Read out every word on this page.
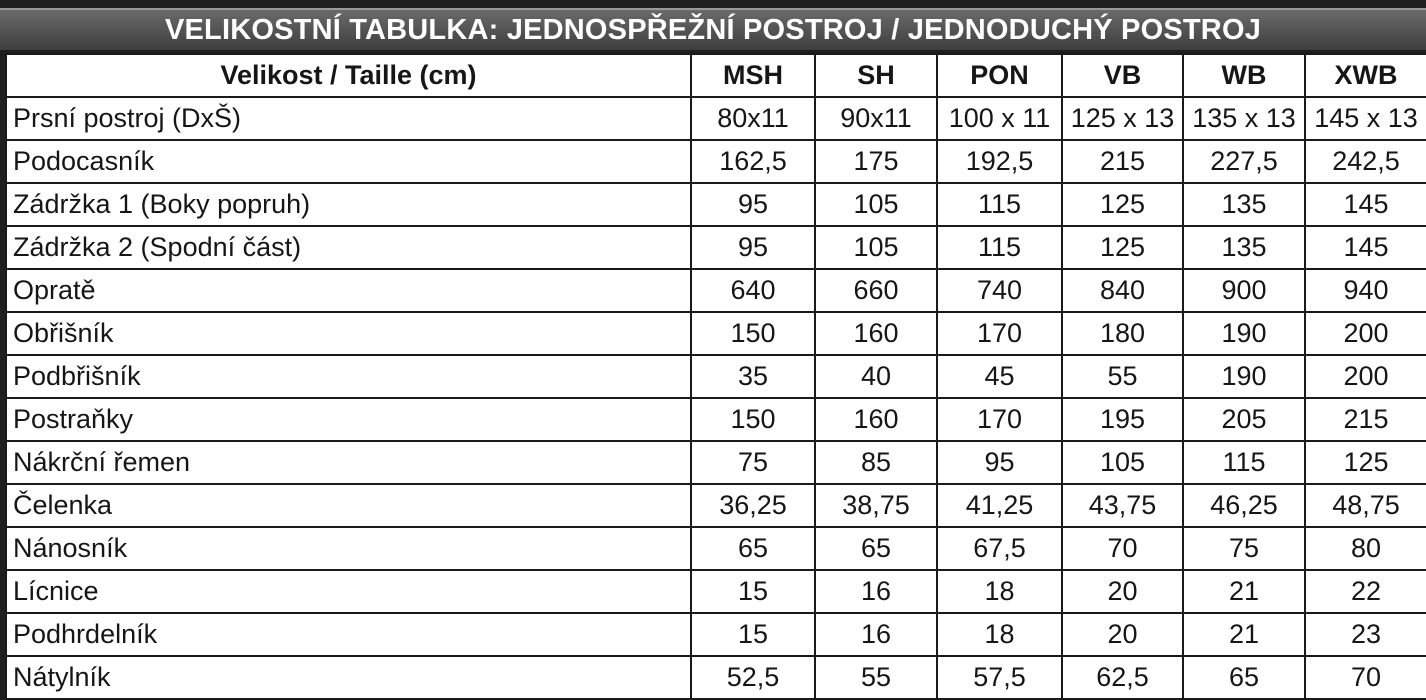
VELIKOSTNÍ TABULKA: JEDNOSPŘEŽNÍ POSTROJ / JEDNODUCHÝ POSTROJ
Velikost / Taille (cm)	MSH	SH	PON	VB	WB	XWB
Prsní postroj (DxŠ)	80x11	90x11	100 x 11	125 x 13	135 x 13	145 x 13
Podocasník	162,5	175	192,5	215	227,5	242,5
Zádržka 1 (Boky popruh)	95	105	115	125	135	145
Zádržka 2 (Spodní část)	95	105	115	125	135	145
Opratě	640	660	740	840	900	940
Obřišník	150	160	170	180	190	200
Podbřišník	35	40	45	55	190	200
Postraňky	150	160	170	195	205	215
Nákrční řemen	75	85	95	105	115	125
Čelenka	36,25	38,75	41,25	43,75	46,25	48,75
Nánosník	65	65	67,5	70	75	80
Lícnice	15	16	18	20	21	22
Podhrdelník	15	16	18	20	21	23
Nátylník	52,5	55	57,5	62,5	65	70
